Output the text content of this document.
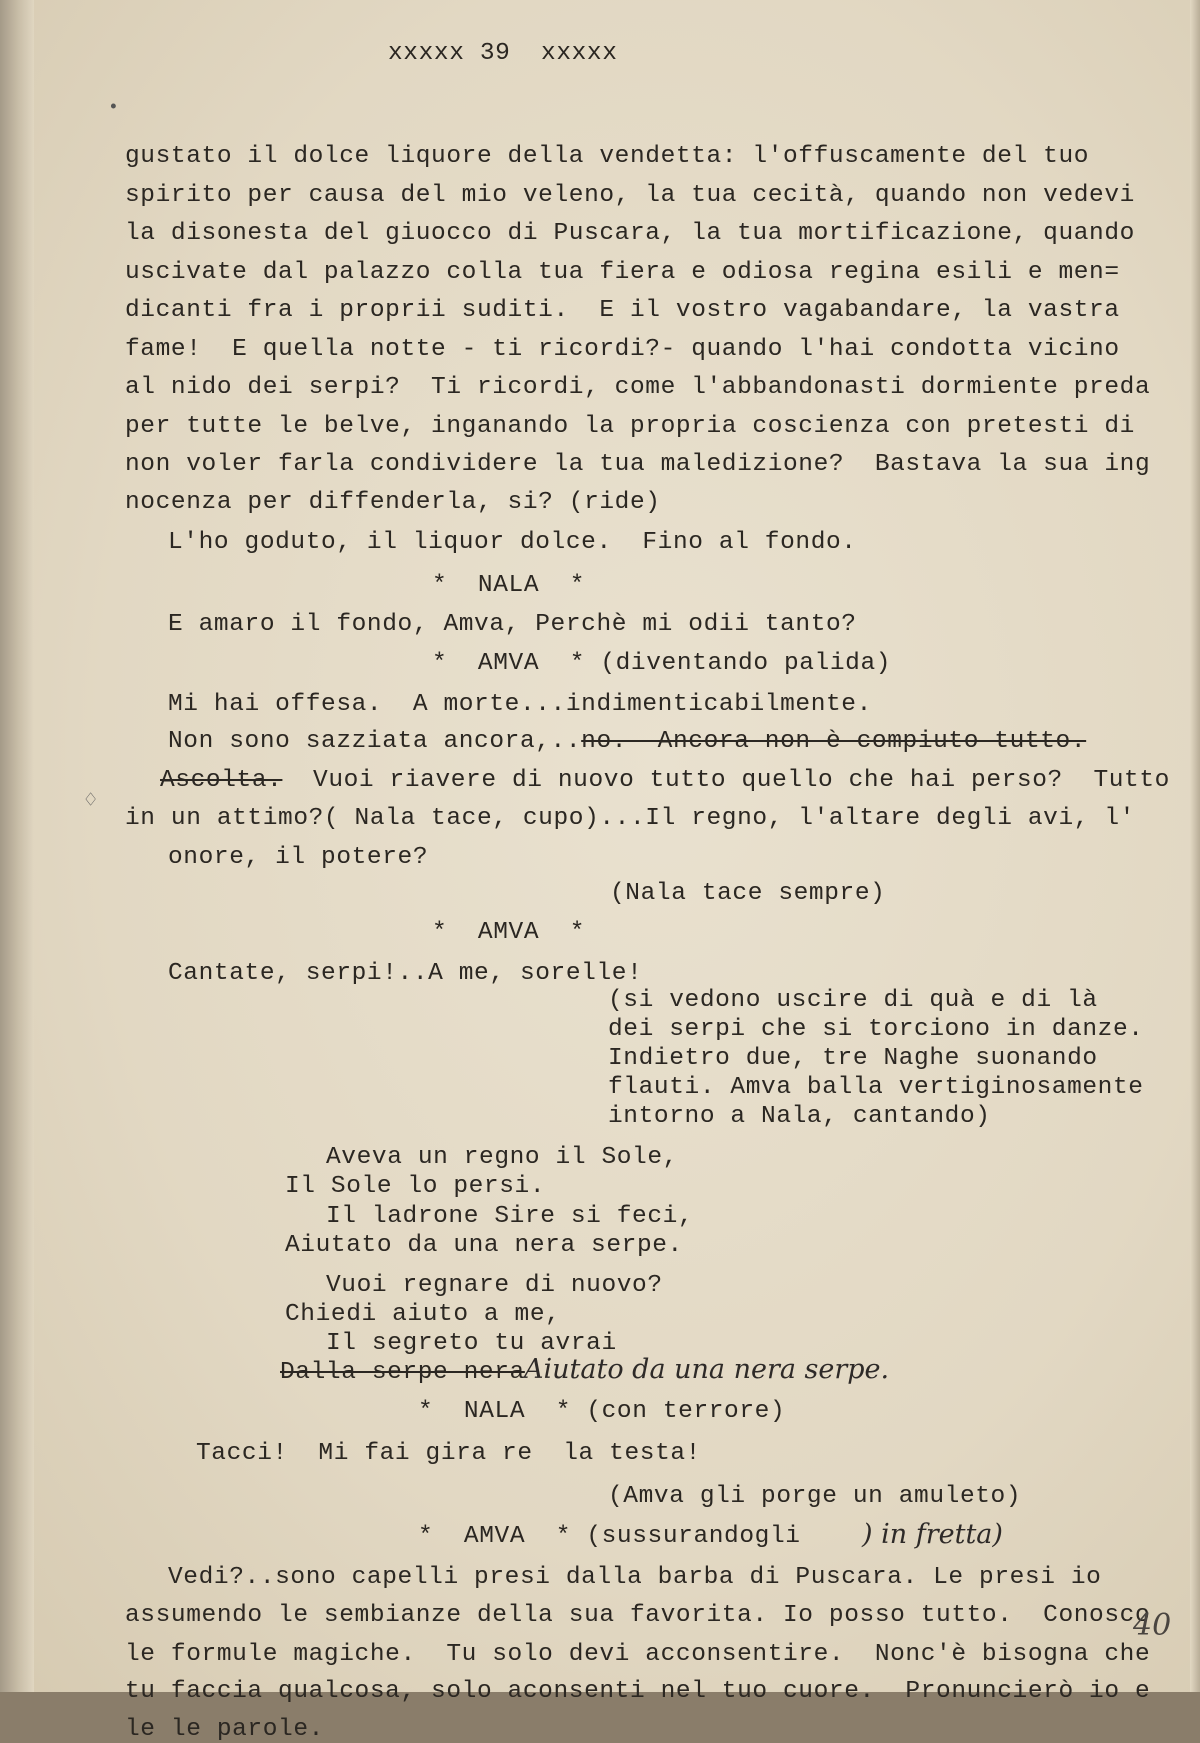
•
♢
xxxxx 39  xxxxx
gustato il dolce liquore della vendetta: l'offuscamente del tuo
spirito per causa del mio veleno, la tua cecità, quando non vedevi
la disonesta del giuocco di Puscara, la tua mortificazione, quando
uscivate dal palazzo colla tua fiera e odiosa regina esili e men=
dicanti fra i proprii suditi.  E il vostro vagabandare, la vastra
fame!  E quella notte - ti ricordi?- quando l'hai condotta vicino
al nido dei serpi?  Ti ricordi, come l'abbandonasti dormiente preda
per tutte le belve, inganando la propria coscienza con pretesti di
non voler farla condividere la tua maledizione?  Bastava la sua ing
nocenza per diffenderla, si? (ride)
L'ho goduto, il liquor dolce.  Fino al fondo.
*  NALA  *
E amaro il fondo, Amva, Perchè mi odii tanto?
*  AMVA  * (diventando palida)
Mi hai offesa.  A morte...indimenticabilmente.
Non sono sazziata ancora,..no.  Ancora non è compiuto tutto.
Ascolta.  Vuoi riavere di nuovo tutto quello che hai perso?  Tutto
in un attimo?( Nala tace, cupo)...Il regno, l'altare degli avi, l'
onore, il potere?
(Nala tace sempre)
*  AMVA  *
Cantate, serpi!..A me, sorelle!
(si vedono uscire di quà e di là
dei serpi che si torciono in danze.
Indietro due, tre Naghe suonando
flauti. Amva balla vertiginosamente
intorno a Nala, cantando)
Aveva un regno il Sole,
Il Sole lo persi.
Il ladrone Sire si feci,
Aiutato da una nera serpe.
Vuoi regnare di nuovo?
Chiedi aiuto a me,
Il segreto tu avrai
Dalla serpe nera Aiutato da una nera serpe.
*  NALA  * (con terrore)
Tacci!  Mi fai gira re  la testa!
(Amva gli porge un amuleto)
*  AMVA  * (sussurandogli ) in fretta)
Vedi?..sono capelli presi dalla barba di Puscara. Le presi io
assumendo le sembianze della sua favorita. Io posso tutto.  Conosco
le formule magiche.  Tu solo devi acconsentire.  Nonc'è bisogna che
tu faccia qualcosa, solo aconsenti nel tuo cuore.  Pronuncierò io e
le le parole.
40
